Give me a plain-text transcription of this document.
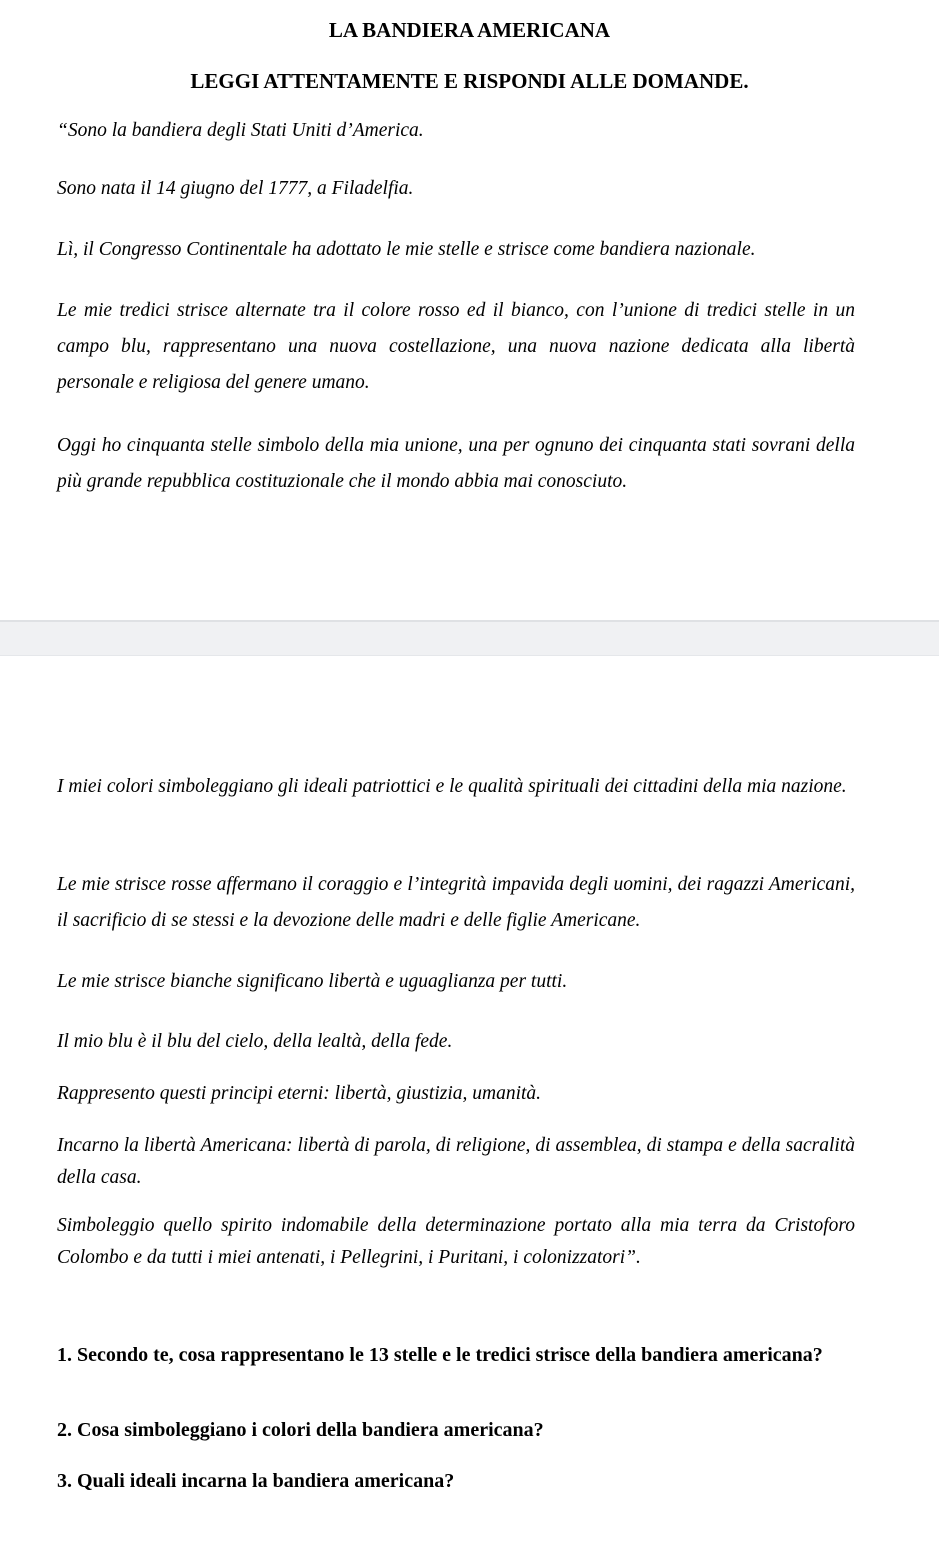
LA BANDIERA AMERICANA
LEGGI ATTENTAMENTE E RISPONDI ALLE DOMANDE.

“Sono la bandiera degli Stati Uniti d’America.

Sono nata il 14 giugno del 1777, a Filadelfia.

Lì, il Congresso Continentale ha adottato le mie stelle e strisce come bandiera nazionale.

Le mie tredici strisce alternate tra il colore rosso ed il bianco, con l’unione di tredici stelle in un campo blu, rappresentano una nuova costellazione, una nuova nazione dedicata alla libertà personale e religiosa del genere umano.

Oggi ho cinquanta stelle simbolo della mia unione, una per ognuno dei cinquanta stati sovrani della più grande repubblica costituzionale che il mondo abbia mai conosciuto.

I miei colori simboleggiano gli ideali patriottici e le qualità spirituali dei cittadini della mia nazione.

Le mie strisce rosse affermano il coraggio e l’integrità impavida degli uomini, dei ragazzi Americani, il sacrificio di se stessi e la devozione delle madri e delle figlie Americane.

Le mie strisce bianche significano libertà e uguaglianza per tutti.

Il mio blu è il blu del cielo, della lealtà, della fede.

Rappresento questi principi eterni: libertà, giustizia, umanità.

Incarno la libertà Americana: libertà di parola, di religione, di assemblea, di stampa e della sacralità della casa.

Simboleggio quello spirito indomabile della determinazione portato alla mia terra da Cristoforo Colombo e da tutti i miei antenati, i Pellegrini, i Puritani, i colonizzatori”.

1. Secondo te, cosa rappresentano le 13 stelle e le tredici strisce della bandiera americana?

2. Cosa simboleggiano i colori della bandiera americana?

3. Quali ideali incarna la bandiera americana?
